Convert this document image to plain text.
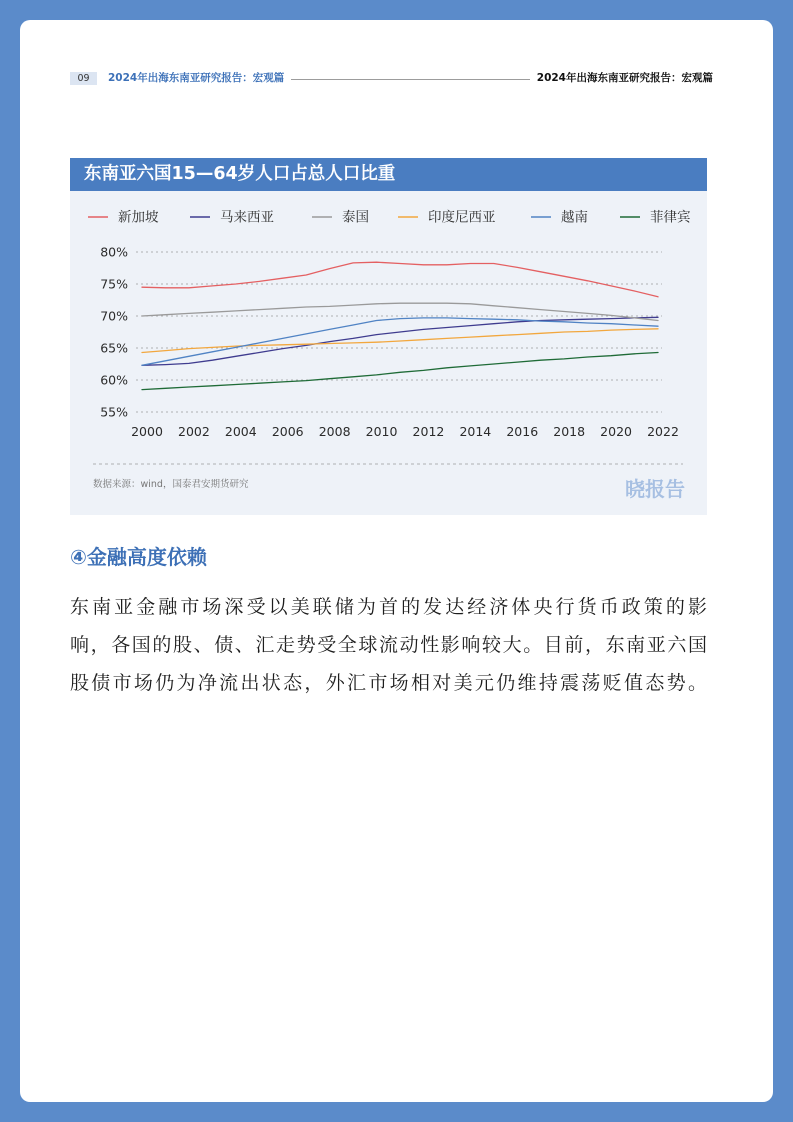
09	2024年出海东南亚研究报告：宏观篇	2024年出海东南亚研究报告：宏观篇
东南亚六国15—64岁人口占总人口比重
新加坡	马来西亚	泰国	印度尼西亚	越南	菲律宾
80%
75%
70%
65%
60%
55%
2000 2002 2004 2006 2008 2010 2012 2014 2016 2018 2020 2022
数据来源：wind，国泰君安期货研究	晓报告
④金融高度依赖
东南亚金融市场深受以美联储为首的发达经济体央行货币政策的影
响，各国的股、债、汇走势受全球流动性影响较大。目前，东南亚六国
股债市场仍为净流出状态，外汇市场相对美元仍维持震荡贬值态势。
